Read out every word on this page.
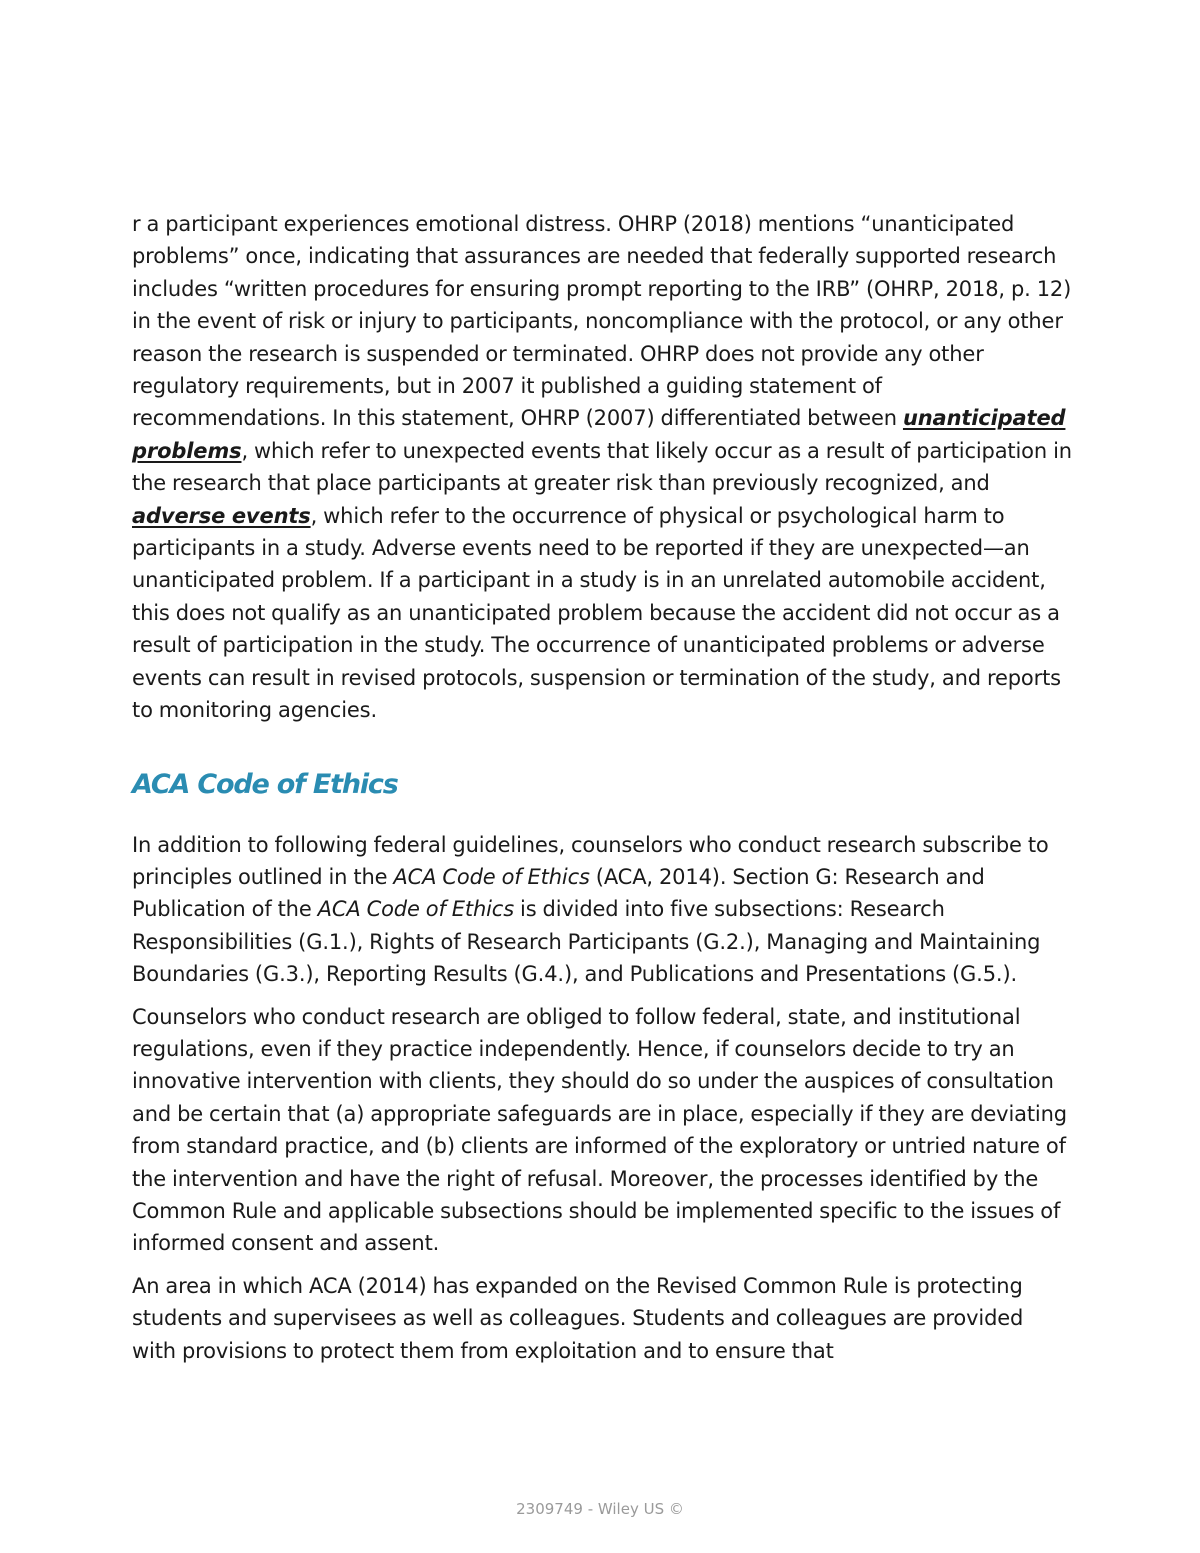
r a participant experiences emotional distress. OHRP (2018) mentions “unanticipated problems” once, indicating that assurances are needed that federally supported research includes “written procedures for ensuring prompt reporting to the IRB” (OHRP, 2018, p. 12) in the event of risk or injury to participants, noncompliance with the protocol, or any other reason the research is suspended or terminated. OHRP does not provide any other regulatory requirements, but in 2007 it published a guiding statement of recommendations. In this statement, OHRP (2007) differentiated between unanticipated problems, which refer to unexpected events that likely occur as a result of participation in the research that place participants at greater risk than previously recognized, and adverse events, which refer to the occurrence of physical or psychological harm to participants in a study. Adverse events need to be reported if they are unexpected—an unanticipated problem. If a participant in a study is in an unrelated automobile accident, this does not qualify as an unanticipated problem because the accident did not occur as a result of participation in the study. The occurrence of unanticipated problems or adverse events can result in revised protocols, suspension or termination of the study, and reports to monitoring agencies.

ACA Code of Ethics

In addition to following federal guidelines, counselors who conduct research subscribe to principles outlined in the ACA Code of Ethics (ACA, 2014). Section G: Research and Publication of the ACA Code of Ethics is divided into five subsections: Research Responsibilities (G.1.), Rights of Research Participants (G.2.), Managing and Maintaining Boundaries (G.3.), Reporting Results (G.4.), and Publications and Presentations (G.5.).

Counselors who conduct research are obliged to follow federal, state, and institutional regulations, even if they practice independently. Hence, if counselors decide to try an innovative intervention with clients, they should do so under the auspices of consultation and be certain that (a) appropriate safeguards are in place, especially if they are deviating from standard practice, and (b) clients are informed of the exploratory or untried nature of the intervention and have the right of refusal. Moreover, the processes identified by the Common Rule and applicable subsections should be implemented specific to the issues of informed consent and assent.

An area in which ACA (2014) has expanded on the Revised Common Rule is protecting students and supervisees as well as colleagues. Students and colleagues are provided with provisions to protect them from exploitation and to ensure that

2309749 - Wiley US ©
